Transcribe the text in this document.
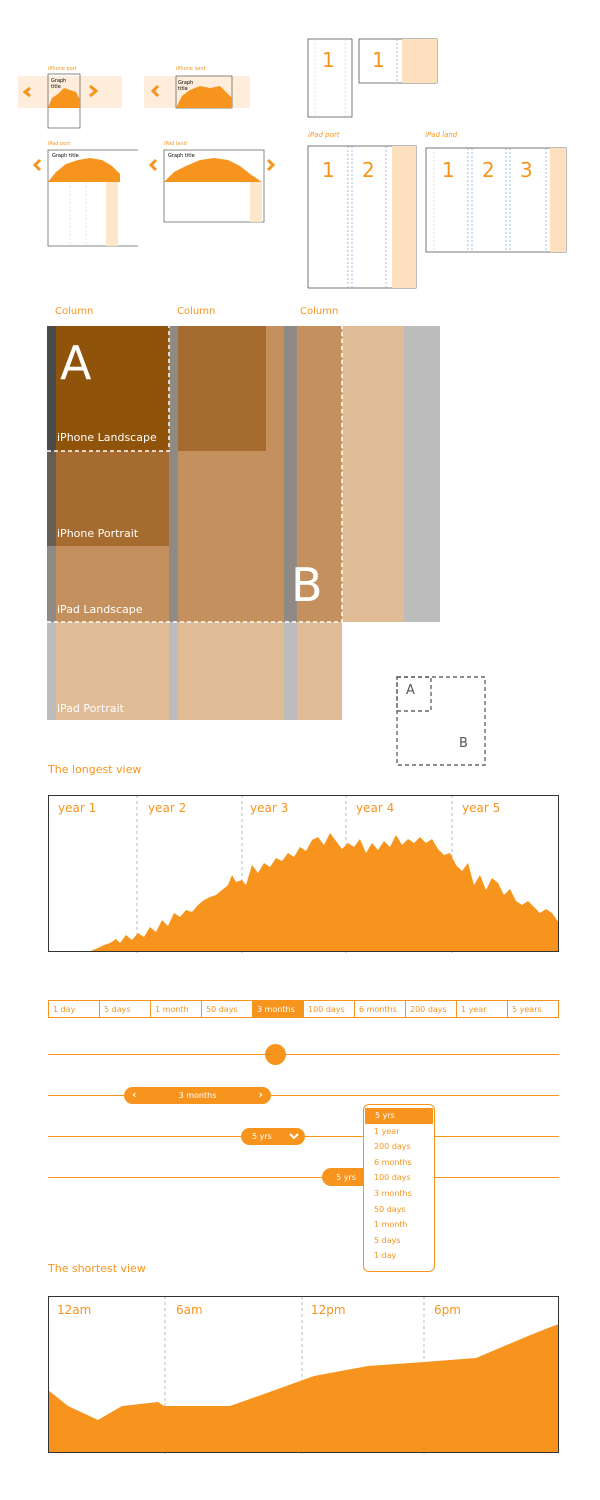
iPhone port
Graph
title
iPhone land
Graph
title
iPad port
Graph title
iPad land
Graph title
1 1
iPad port	iPad land
1 2	1 2 3
Column	Column	Column
A
B
iPhone Landscape
iPhone Portrait
iPad Landscape
iPad Portrait
A
B
The longest view
year 1	year 2	year 3	year 4	year 5
1 day	5 days	1 month	50 days	3 months	100 days	6 months	200 days	1 year	5 years
‹	3 months	›
5 yrs
5 yrs
5 yrs
1 year
200 days
6 months
100 days
3 months
50 days
1 month
5 days
1 day
The shortest view
12am	6am	12pm	6pm
